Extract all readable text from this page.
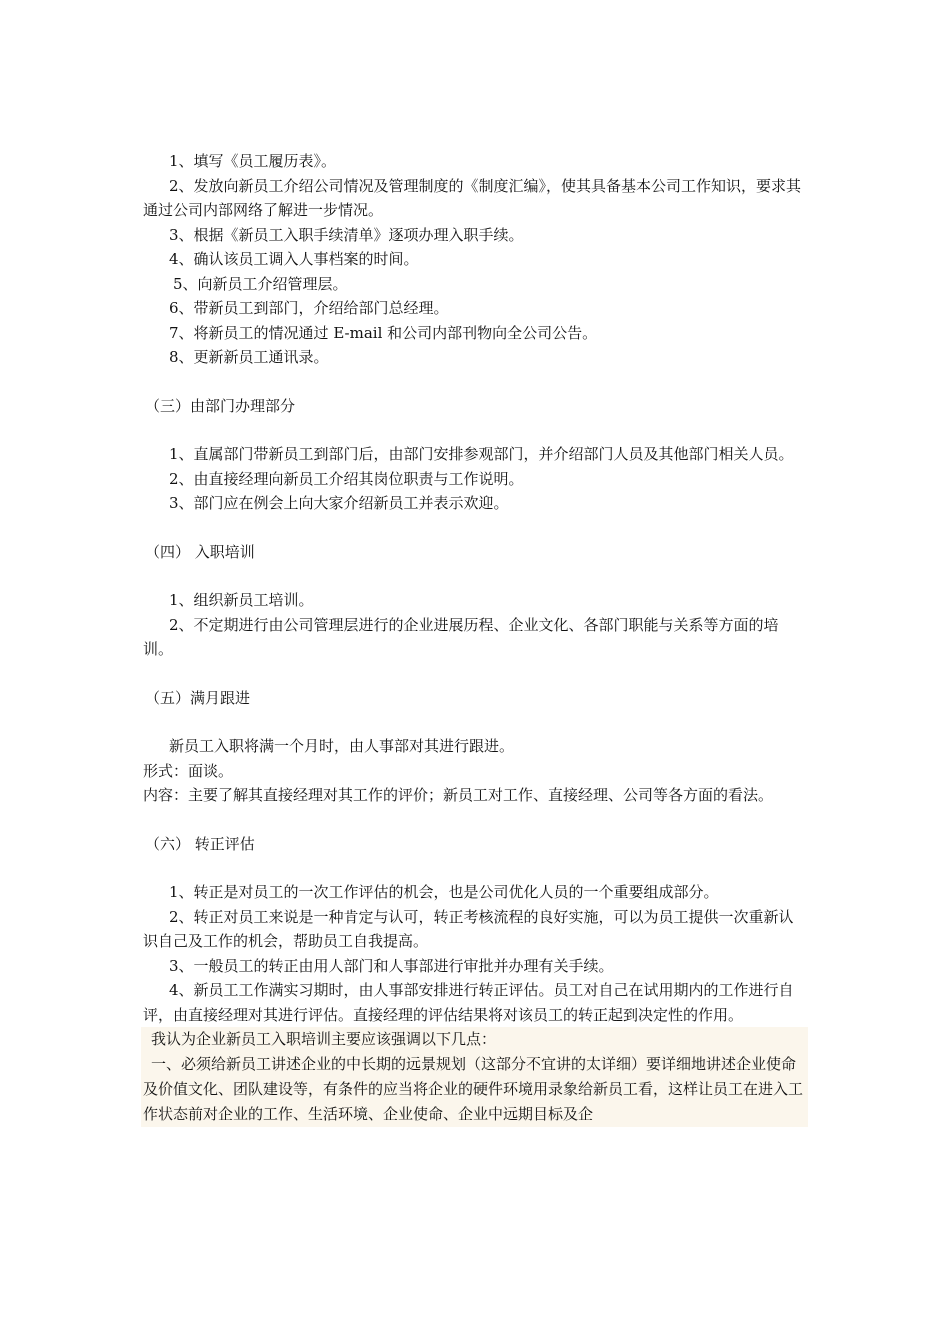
1、填写《员工履历表》。

2、发放向新员工介绍公司情况及管理制度的《制度汇编》，使其具备基本公司工作知识，要求其通过公司内部网络了解进一步情况。

3、根据《新员工入职手续清单》逐项办理入职手续。

4、确认该员工调入人事档案的时间。

5、向新员工介绍管理层。

6、带新员工到部门，介绍给部门总经理。

7、将新员工的情况通过 E-mail 和公司内部刊物向全公司公告。

8、更新新员工通讯录。

（三）由部门办理部分

1、直属部门带新员工到部门后，由部门安排参观部门，并介绍部门人员及其他部门相关人员。

2、由直接经理向新员工介绍其岗位职责与工作说明。

3、部门应在例会上向大家介绍新员工并表示欢迎。

（四） 入职培训

1、组织新员工培训。

2、不定期进行由公司管理层进行的企业进展历程、企业文化、各部门职能与关系等方面的培训。

（五）满月跟进

新员工入职将满一个月时，由人事部对其进行跟进。

形式：面谈。

内容：主要了解其直接经理对其工作的评价；新员工对工作、直接经理、公司等各方面的看法。

（六） 转正评估

1、转正是对员工的一次工作评估的机会，也是公司优化人员的一个重要组成部分。

2、转正对员工来说是一种肯定与认可，转正考核流程的良好实施，可以为员工提供一次重新认识自己及工作的机会，帮助员工自我提高。

3、一般员工的转正由用人部门和人事部进行审批并办理有关手续。

4、新员工工作满实习期时，由人事部安排进行转正评估。员工对自己在试用期内的工作进行自评，由直接经理对其进行评估。直接经理的评估结果将对该员工的转正起到决定性的作用。

我认为企业新员工入职培训主要应该强调以下几点：

一、必须给新员工讲述企业的中长期的远景规划（这部分不宜讲的太详细）要详细地讲述企业使命及价值文化、团队建设等，有条件的应当将企业的硬件环境用录象给新员工看，这样让员工在进入工作状态前对企业的工作、生活环境、企业使命、企业中远期目标及企
